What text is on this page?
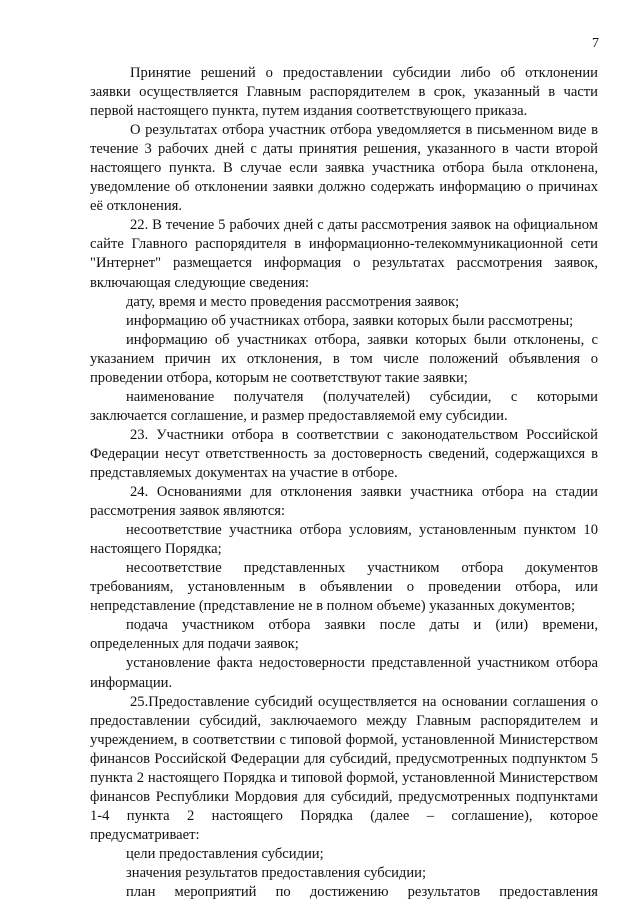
7

Принятие решений о предоставлении субсидии либо об отклонении заявки осуществляется Главным распорядителем в срок, указанный в части первой настоящего пункта, путем издания соответствующего приказа.

О результатах отбора участник отбора уведомляется в письменном виде в течение 3 рабочих дней с даты принятия решения, указанного в части второй настоящего пункта. В случае если заявка участника отбора была отклонена, уведомление об отклонении заявки должно содержать информацию о причинах её отклонения.

22. В течение 5 рабочих дней с даты рассмотрения заявок на официальном сайте Главного распорядителя в информационно-телекоммуникационной сети "Интернет" размещается информация о результатах рассмотрения заявок, включающая следующие сведения:

дату, время и место проведения рассмотрения заявок;

информацию об участниках отбора, заявки которых были рассмотрены;

информацию об участниках отбора, заявки которых были отклонены, с указанием причин их отклонения, в том числе положений объявления о проведении отбора, которым не соответствуют такие заявки;

наименование получателя (получателей) субсидии, с которыми заключается соглашение, и размер предоставляемой ему субсидии.

23. Участники отбора в соответствии с законодательством Российской Федерации несут ответственность за достоверность сведений, содержащихся в представляемых документах на участие в отборе.

24. Основаниями для отклонения заявки участника отбора на стадии рассмотрения заявок являются:

несоответствие участника отбора условиям, установленным пунктом 10 настоящего Порядка;

несоответствие представленных участником отбора документов требованиям, установленным в объявлении о проведении отбора, или непредставление (представление не в полном объеме) указанных документов;

подача участником отбора заявки после даты и (или) времени, определенных для подачи заявок;

установление факта недостоверности представленной участником отбора информации.

25.Предоставление субсидий осуществляется на основании соглашения о предоставлении субсидий, заключаемого между Главным распорядителем и учреждением, в соответствии с типовой формой, установленной Министерством финансов Российской Федерации для субсидий, предусмотренных подпунктом 5 пункта 2 настоящего Порядка и типовой формой, установленной Министерством финансов Республики Мордовия для субсидий, предусмотренных подпунктами 1-4 пункта 2 настоящего Порядка (далее – соглашение), которое предусматривает:

цели предоставления субсидии;

значения результатов предоставления субсидии;

план мероприятий по достижению результатов предоставления
